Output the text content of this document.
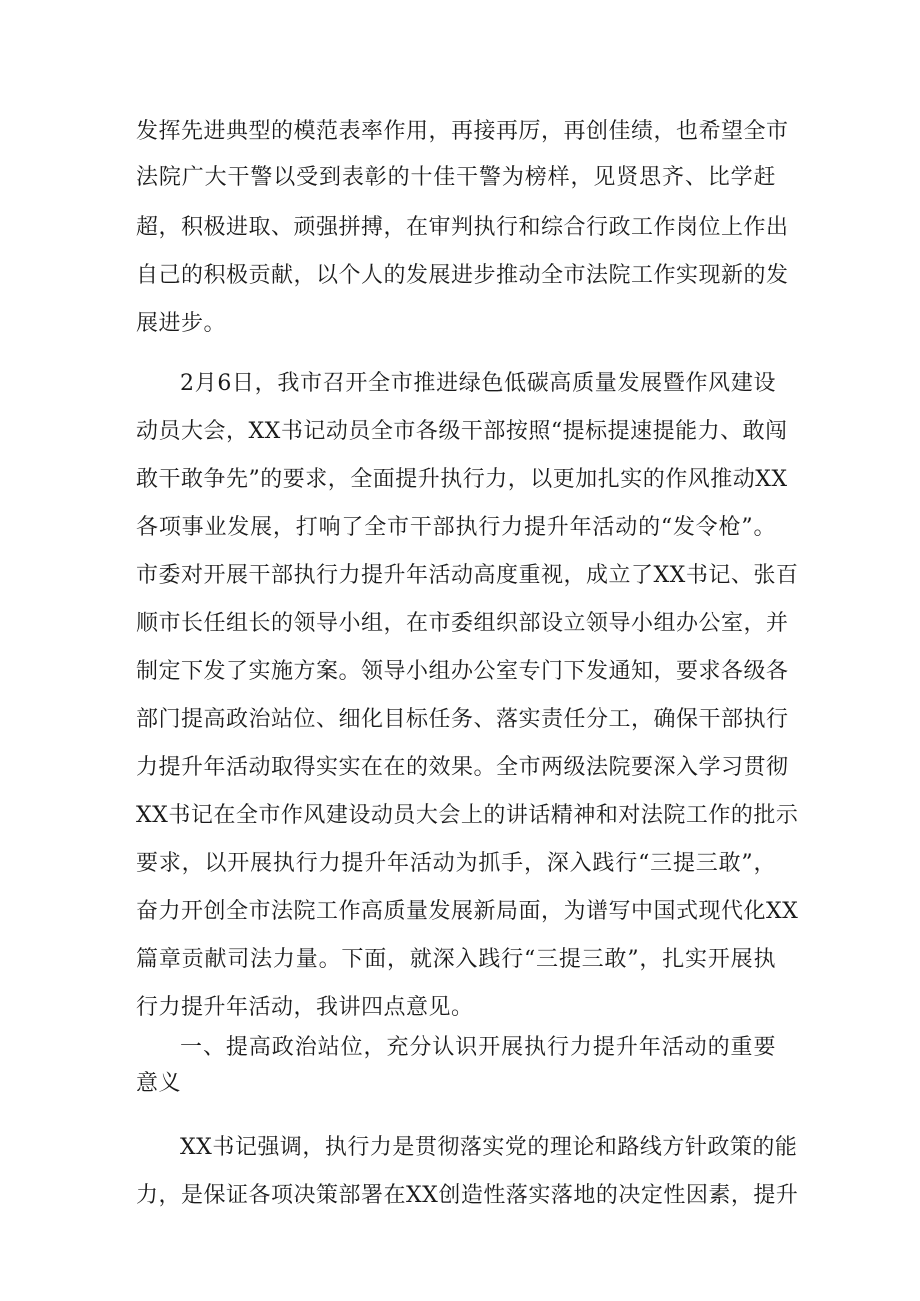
发挥先进典型的模范表率作用，再接再厉，再创佳绩，也希望全市
法院广大干警以受到表彰的十佳干警为榜样，见贤思齐、比学赶
超，积极进取、顽强拼搏，在审判执行和综合行政工作岗位上作出
自己的积极贡献，以个人的发展进步推动全市法院工作实现新的发
展进步。
2月6日，我市召开全市推进绿色低碳高质量发展暨作风建设
动员大会，XX书记动员全市各级干部按照“提标提速提能力、敢闯
敢干敢争先”的要求，全面提升执行力，以更加扎实的作风推动XX
各项事业发展，打响了全市干部执行力提升年活动的“发令枪”。
市委对开展干部执行力提升年活动高度重视，成立了XX书记、张百
顺市长任组长的领导小组，在市委组织部设立领导小组办公室，并
制定下发了实施方案。领导小组办公室专门下发通知，要求各级各
部门提高政治站位、细化目标任务、落实责任分工，确保干部执行
力提升年活动取得实实在在的效果。全市两级法院要深入学习贯彻
XX书记在全市作风建设动员大会上的讲话精神和对法院工作的批示
要求，以开展执行力提升年活动为抓手，深入践行“三提三敢”，
奋力开创全市法院工作高质量发展新局面，为谱写中国式现代化XX
篇章贡献司法力量。下面，就深入践行“三提三敢”，扎实开展执
行力提升年活动，我讲四点意见。
一、提高政治站位，充分认识开展执行力提升年活动的重要
意义
XX书记强调，执行力是贯彻落实党的理论和路线方针政策的能
力，是保证各项决策部署在XX创造性落实落地的决定性因素，提升
